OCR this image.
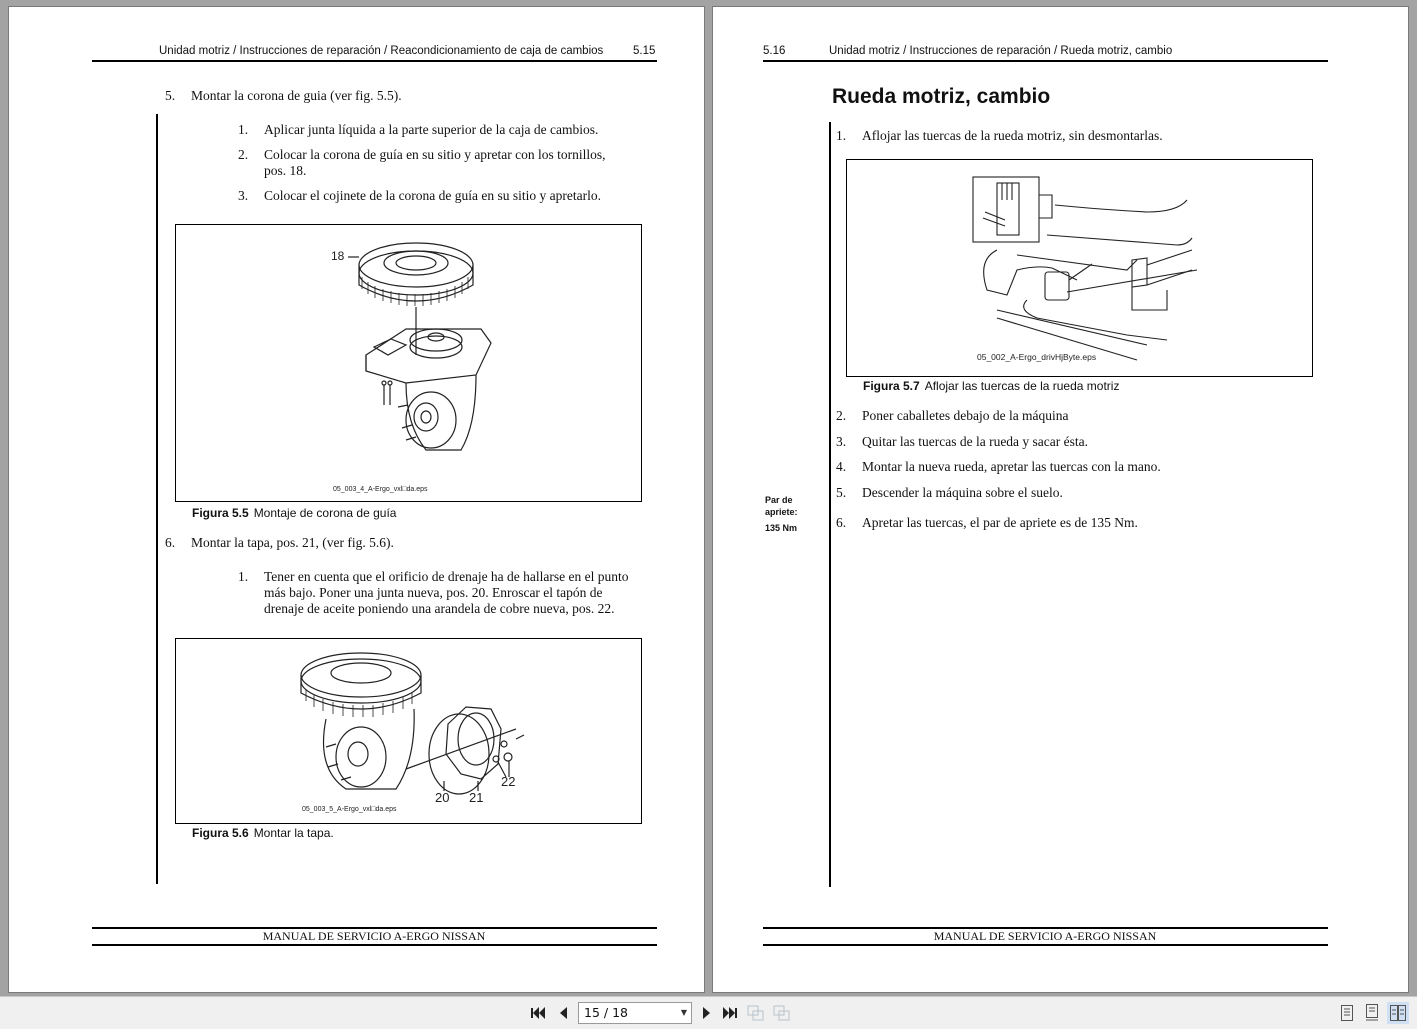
Unidad motriz / Instrucciones de reparación / Reacondicionamiento de caja de cambios	5.15
5. Montar la corona de guia (ver fig. 5.5).
1. Aplicar junta líquida a la parte superior de la caja de cambios.
2. Colocar la corona de guía en su sitio y apretar con los tornillos,
pos. 18.
3. Colocar el cojinete de la corona de guía en su sitio y apretarlo.
18
05_003_4_A-Ergo_vxl□da.eps
Figura 5.5 Montaje de corona de guía
6. Montar la tapa, pos. 21, (ver fig. 5.6).
1. Tener en cuenta que el orificio de drenaje ha de hallarse en el punto
más bajo. Poner una junta nueva, pos. 20. Enroscar el tapón de
drenaje de aceite poniendo una arandela de cobre nueva, pos. 22.
20 21
22
05_003_5_A-Ergo_vxl□da.eps
Figura 5.6 Montar la tapa.
MANUAL DE SERVICIO A-ERGO NISSAN
5.16	Unidad motriz / Instrucciones de reparación / Rueda motriz, cambio
Rueda motriz, cambio
1. Aflojar las tuercas de la rueda motriz, sin desmontarlas.
05_002_A-Ergo_drivHjByte.eps
Figura 5.7 Aflojar las tuercas de la rueda motriz
2. Poner caballetes debajo de la máquina
3. Quitar las tuercas de la rueda y sacar ésta.
4. Montar la nueva rueda, apretar las tuercas con la mano.
5. Descender la máquina sobre el suelo.
Par de
apriete:
135 Nm	6. Apretar las tuercas, el par de apriete es de 135 Nm.
MANUAL DE SERVICIO A-ERGO NISSAN
15 / 18	▼
